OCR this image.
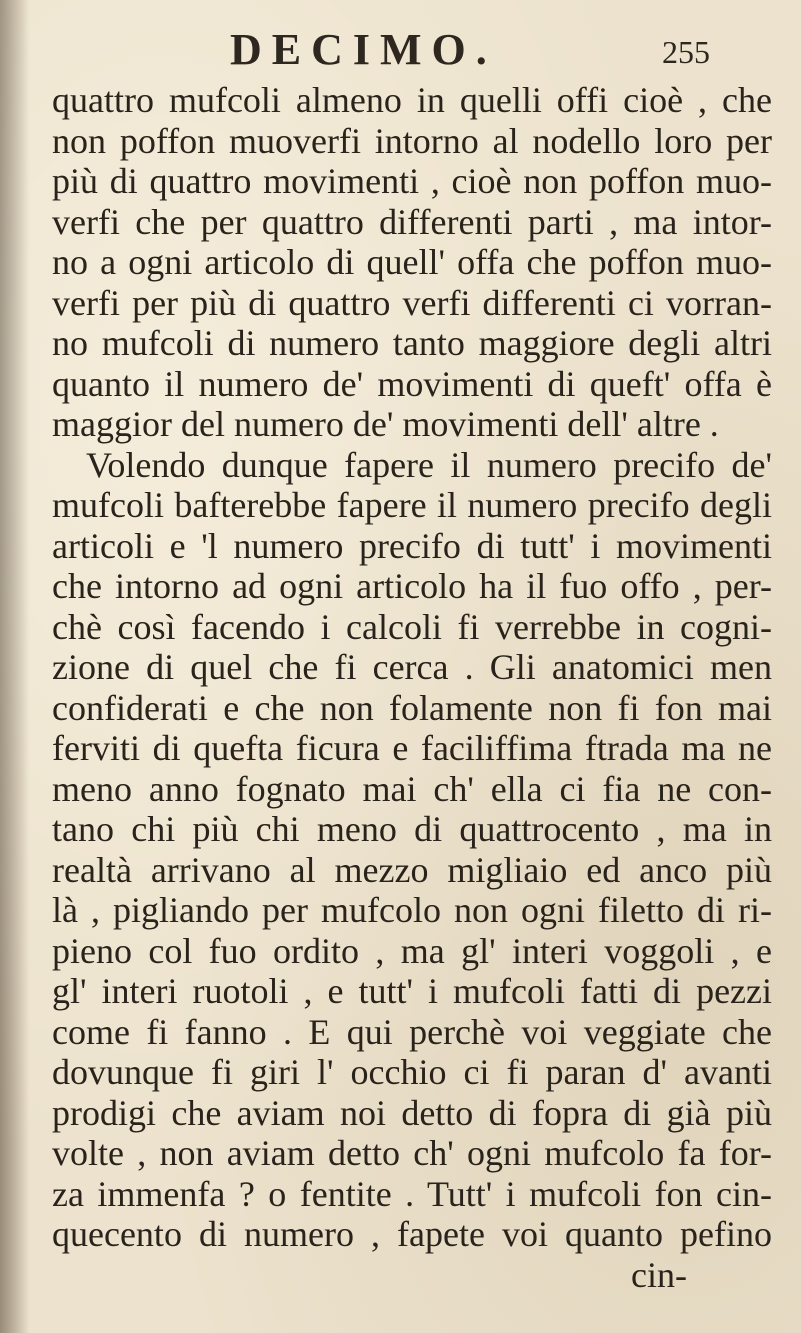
DECIMO.	255
quattro mufcoli almeno in quelli offi cioè , che
non poffon muoverfi intorno al nodello loro per
più di quattro movimenti , cioè non poffon muo-
verfi che per quattro differenti parti , ma intor-
no a ogni articolo di quell' offa che poffon muo-
verfi per più di quattro verfi differenti ci vorran-
no mufcoli di numero tanto maggiore degli altri
quanto il numero de' movimenti di queft' offa è
maggior del numero de' movimenti dell' altre .
Volendo dunque fapere il numero precifo de'
mufcoli bafterebbe fapere il numero precifo degli
articoli e 'l numero precifo di tutt' i movimenti
che intorno ad ogni articolo ha il fuo offo , per-
chè così facendo i calcoli fi verrebbe in cogni-
zione di quel che fi cerca . Gli anatomici men
confiderati e che non folamente non fi fon mai
ferviti di quefta ficura e faciliffima ftrada ma ne
meno anno fognato mai ch' ella ci fia ne con-
tano chi più chi meno di quattrocento , ma in
realtà arrivano al mezzo migliaio ed anco più
là , pigliando per mufcolo non ogni filetto di ri-
pieno col fuo ordito , ma gl' interi voggoli , e
gl' interi ruotoli , e tutt' i mufcoli fatti di pezzi
come fi fanno . E qui perchè voi veggiate che
dovunque fi giri l' occhio ci fi paran d' avanti
prodigi che aviam noi detto di fopra di già più
volte , non aviam detto ch' ogni mufcolo fa for-
za immenfa ? o fentite . Tutt' i mufcoli fon cin-
quecento di numero , fapete voi quanto pefino
cin-
